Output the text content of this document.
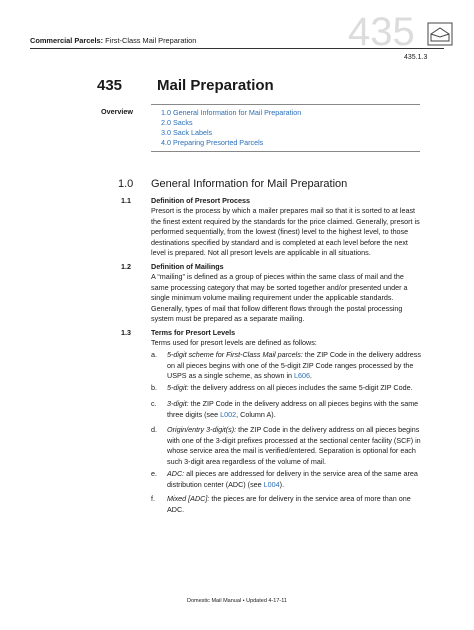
Commercial Parcels: First-Class Mail Preparation	435
435.1.3
435 Mail Preparation
Overview	1.0 General Information for Mail Preparation
2.0 Sacks
3.0 Sack Labels
4.0 Preparing Presorted Parcels
1.0 General Information for Mail Preparation
1.1	Definition of Presort Process
Presort is the process by which a mailer prepares mail so that it is sorted to at least
the finest extent required by the standards for the price claimed. Generally, presort is
performed sequentially, from the lowest (finest) level to the highest level, to those
destinations specified by standard and is completed at each level before the next
level is prepared. Not all presort levels are applicable in all situations.
1.2	Definition of Mailings
A “mailing” is defined as a group of pieces within the same class of mail and the
same processing category that may be sorted together and/or presented under a
single minimum volume mailing requirement under the applicable standards.
Generally, types of mail that follow different flows through the postal processing
system must be prepared as a separate mailing.
1.3	Terms for Presort Levels
Terms used for presort levels are defined as follows:
a. 5-digit scheme for First-Class Mail parcels: the ZIP Code in the delivery address
on all pieces begins with one of the 5-digit ZIP Code ranges processed by the
USPS as a single scheme, as shown in L606.
b. 5-digit: the delivery address on all pieces includes the same 5-digit ZIP Code.
c. 3-digit: the ZIP Code in the delivery address on all pieces begins with the same
three digits (see L002, Column A).
d. Origin/entry 3-digit(s): the ZIP Code in the delivery address on all pieces begins
with one of the 3-digit prefixes processed at the sectional center facility (SCF) in
whose service area the mail is verified/entered. Separation is optional for each
such 3-digit area regardless of the volume of mail.
e. ADC: all pieces are addressed for delivery in the service area of the same area
distribution center (ADC) (see L004).
f. Mixed [ADC]: the pieces are for delivery in the service area of more than one
ADC.
Domestic Mail Manual • Updated 4-17-11
